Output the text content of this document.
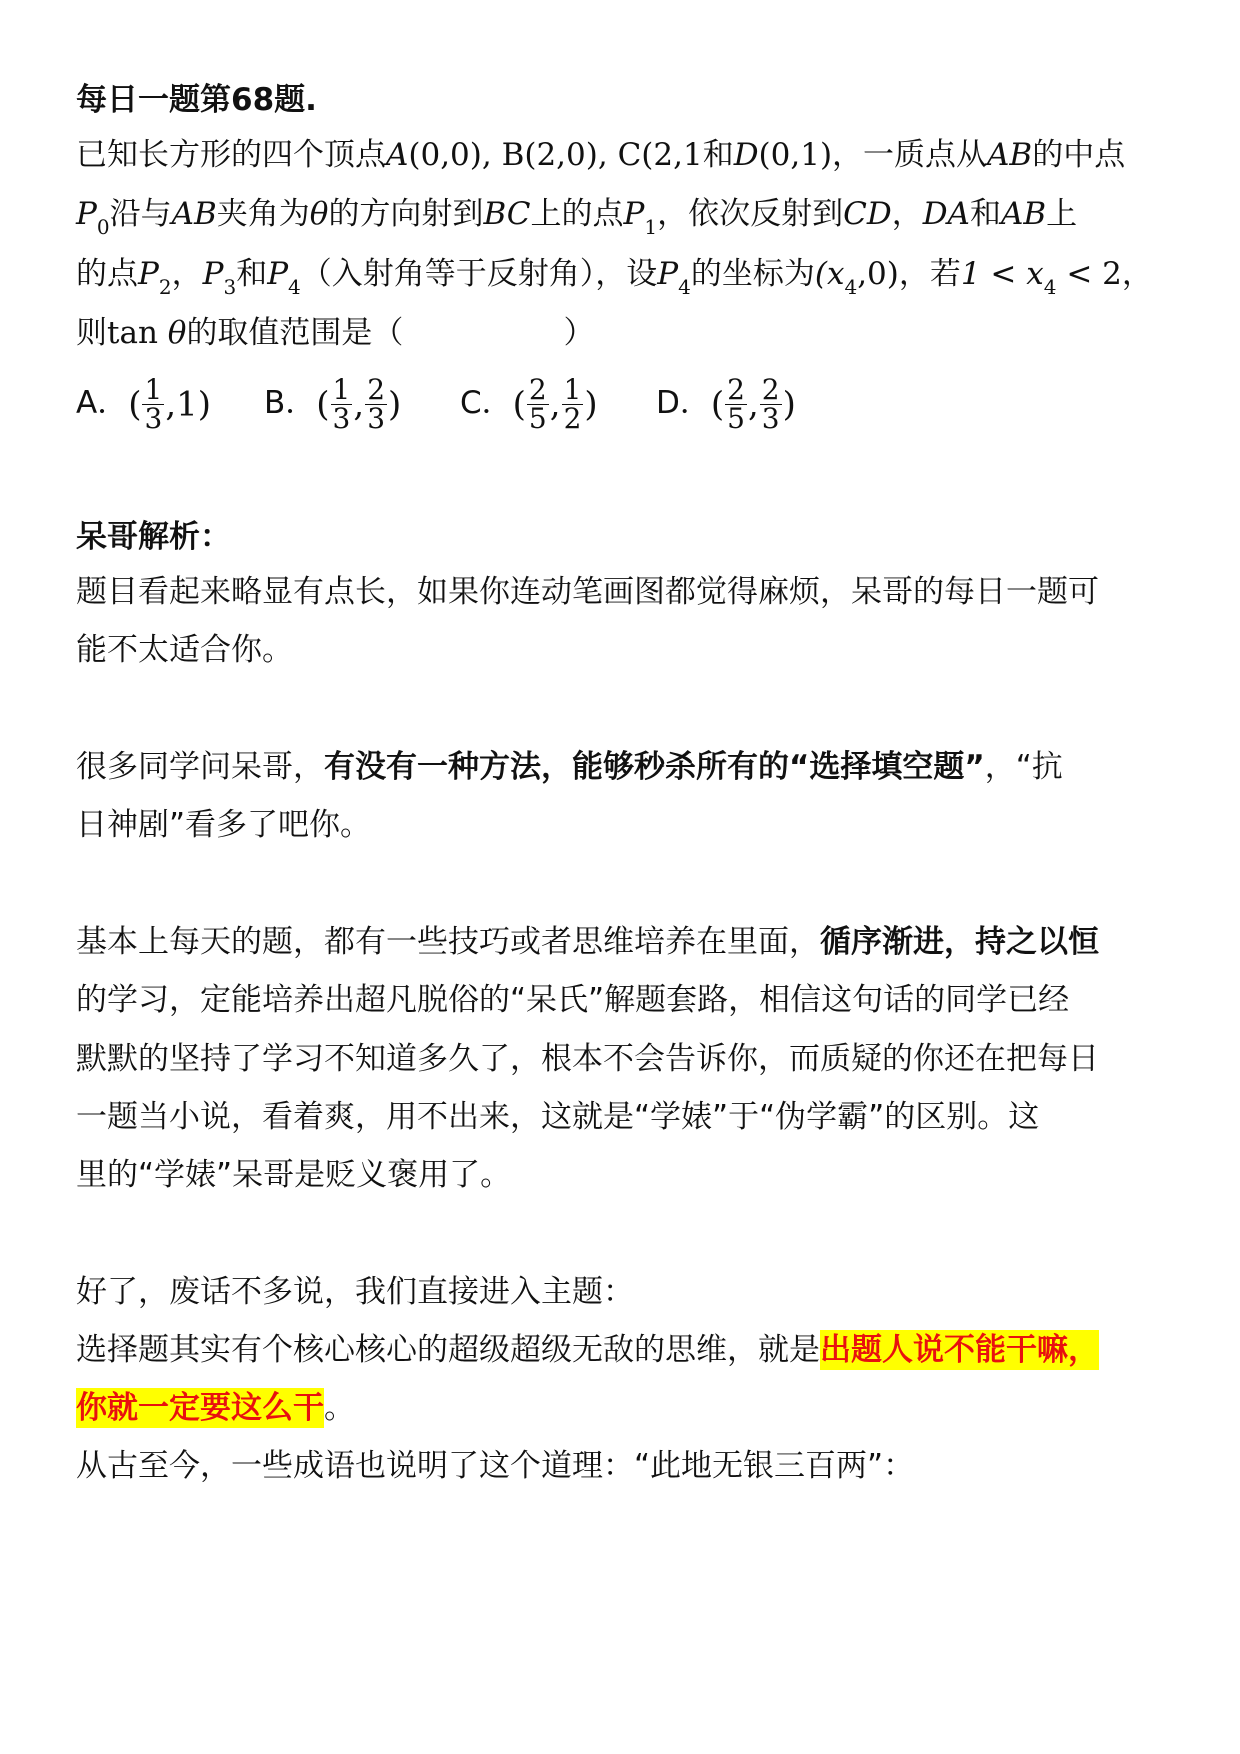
每日一题第68题.
已知长方形的四个顶点A(0,0), B(2,0), C(2,1和D(0,1)，一质点从AB的中点
$P_0$沿与AB夹角为θ的方向射到BC上的点$P_1$，依次反射到CD，DA和AB上
的点$P_2$，$P_3$和$P_4$（入射角等于反射角），设$P_4$的坐标为$(x_4,0)$，若$1 < x_4 < 2$，
则tan θ的取值范围是（	）
A．( $\frac{1}{3} ,1$) B．( $\frac{1}{3}$ , $\frac{2}{3}$ ) C．( $\frac{2}{5}$ , $\frac{1}{2}$ ) D．( $\frac{2}{5}$ , $\frac{2}{3}$ )
呆哥解析：
题目看起来略显有点长，如果你连动笔画图都觉得麻烦，呆哥的每日一题可
能不太适合你。
很多同学问呆哥，有没有一种方法，能够秒杀所有的“选择填空题”，“抗
日神剧”看多了吧你。
基本上每天的题，都有一些技巧或者思维培养在里面，循序渐进，持之以恒
的学习，定能培养出超凡脱俗的“呆氏”解题套路，相信这句话的同学已经
默默的坚持了学习不知道多久了，根本不会告诉你，而质疑的你还在把每日
一题当小说，看着爽，用不出来，这就是“学婊”于“伪学霸”的区别。这
里的“学婊”呆哥是贬义褒用了。
好了，废话不多说，我们直接进入主题：
选择题其实有个核心核心的超级超级无敌的思维，就是出题人说不能干嘛，
你就一定要这么干。
从古至今，一些成语也说明了这个道理：“此地无银三百两”：
